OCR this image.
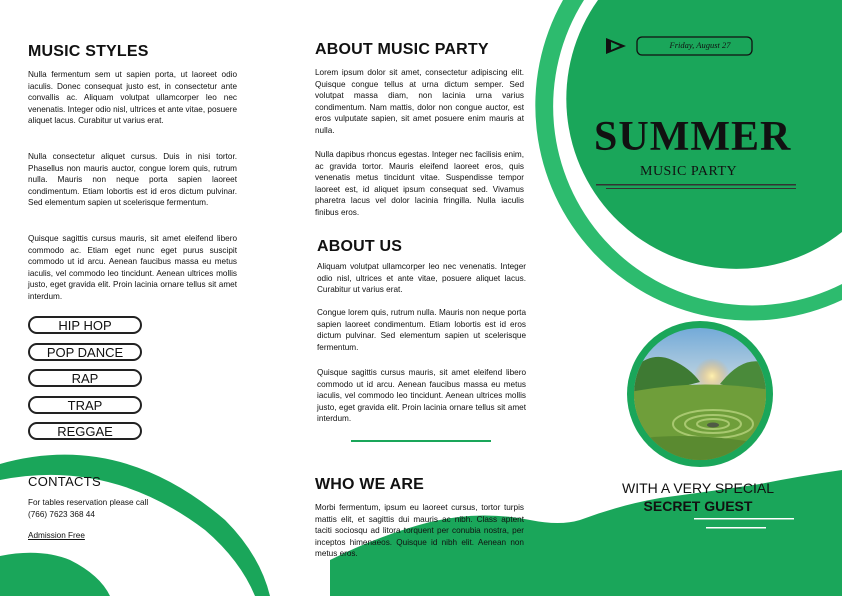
MUSIC STYLES

Nulla fermentum sem ut sapien porta, ut laoreet odio iaculis. Donec consequat justo est, in consectetur ante convallis ac. Aliquam volutpat ullamcorper leo nec venenatis. Integer odio nisl, ultrices et ante vitae, posuere aliquet lacus. Curabitur ut varius erat.

Nulla consectetur aliquet cursus. Duis in nisi tortor. Phasellus non mauris auctor, congue lorem quis, rutrum nulla. Mauris non neque porta sapien laoreet condimentum. Etiam lobortis est id eros dictum pulvinar. Sed elementum sapien ut scelerisque fermentum.

Quisque sagittis cursus mauris, sit amet eleifend libero commodo ac. Etiam eget nunc eget purus suscipit commodo ut id arcu. Aenean faucibus massa eu metus iaculis, vel commodo leo tincidunt. Aenean ultrices mollis justo, eget gravida elit. Proin lacinia ornare tellus sit amet interdum.

HIP HOP
POP DANCE
RAP
TRAP
REGGAE
CONTACTS
For tables reservation please call
(766) 7623 368 44
Admission Free
ABOUT MUSIC PARTY

Lorem ipsum dolor sit amet, consectetur adipiscing elit. Quisque congue tellus at urna dictum semper. Sed volutpat massa diam, non lacinia urna varius condimentum. Nam mattis, dolor non congue auctor, est eros vulputate sapien, sit amet posuere enim mauris at nulla.

Nulla dapibus rhoncus egestas. Integer nec facilisis enim, ac gravida tortor. Mauris eleifend laoreet eros, quis venenatis metus tincidunt vitae. Suspendisse tempor laoreet est, id aliquet ipsum consequat sed. Vivamus pharetra lacus vel dolor lacinia fringilla. Nulla iaculis finibus eros.

ABOUT US

Aliquam volutpat ullamcorper leo nec venenatis. Integer odio nisl, ultrices et ante vitae, posuere aliquet lacus. Curabitur ut varius erat.

Congue lorem quis, rutrum nulla. Mauris non neque porta sapien laoreet condimentum. Etiam lobortis est id eros dictum pulvinar. Sed elementum sapien ut scelerisque fermentum.

Quisque sagittis cursus mauris, sit amet eleifend libero commodo ut id arcu. Aenean faucibus massa eu metus iaculis, vel commodo leo tincidunt. Aenean ultrices mollis justo, eget gravida elit. Proin lacinia ornare tellus sit amet interdum.

WHO WE ARE

Morbi fermentum, ipsum eu laoreet cursus, tortor turpis mattis elit, et sagittis dui mauris ac nibh. Class aptent taciti sociosqu ad litora torquent per conubia nostra, per inceptos himenaeos. Quisque id nibh elit. Aenean non metus eros.

Friday, August 27
SUMMER
MUSIC PARTY
WITH A VERY SPECIAL
SECRET GUEST
